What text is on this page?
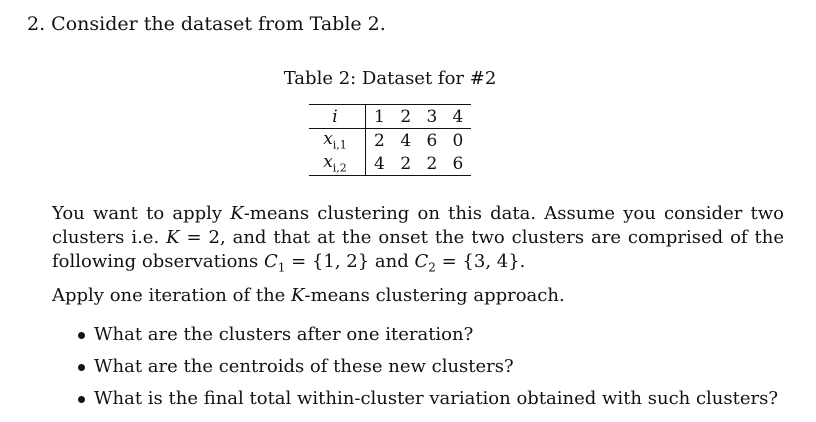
2. Consider the dataset from Table 2.
Table 2: Dataset for #2
i	1	2	3	4
$x_{i,1}$	2	4	6	0
$x_{i,2}$	4	2	2	6

You want to apply K-means clustering on this data. Assume you consider two clusters i.e. K = 2, and that at the onset the two clusters are comprised of the following observations $C_1 = \{1$, 2} and $C_2 = \{3$, 4}.

Apply one iteration of the K-means clustering approach.

What are the clusters after one iteration?
What are the centroids of these new clusters?
What is the final total within-cluster variation obtained with such clusters?
